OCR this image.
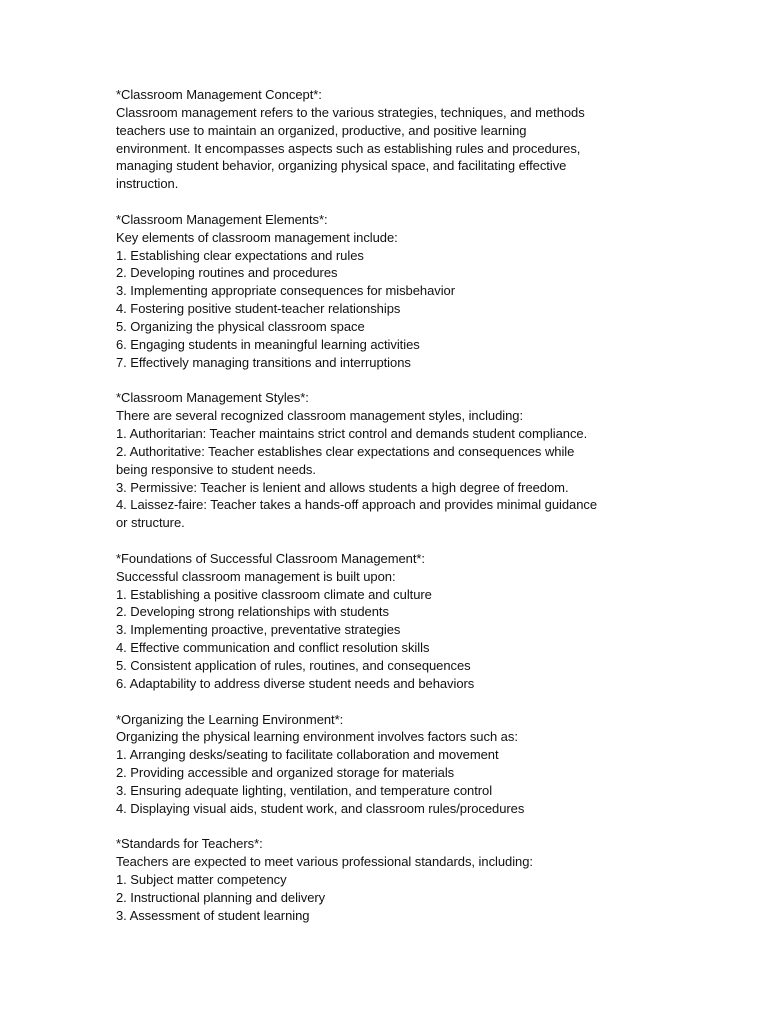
*Classroom Management Concept*:
Classroom management refers to the various strategies, techniques, and methods
teachers use to maintain an organized, productive, and positive learning
environment. It encompasses aspects such as establishing rules and procedures,
managing student behavior, organizing physical space, and facilitating effective
instruction.
*Classroom Management Elements*:
Key elements of classroom management include:
1. Establishing clear expectations and rules
2. Developing routines and procedures
3. Implementing appropriate consequences for misbehavior
4. Fostering positive student-teacher relationships
5. Organizing the physical classroom space
6. Engaging students in meaningful learning activities
7. Effectively managing transitions and interruptions
*Classroom Management Styles*:
There are several recognized classroom management styles, including:
1. Authoritarian: Teacher maintains strict control and demands student compliance.
2. Authoritative: Teacher establishes clear expectations and consequences while
being responsive to student needs.
3. Permissive: Teacher is lenient and allows students a high degree of freedom.
4. Laissez-faire: Teacher takes a hands-off approach and provides minimal guidance
or structure.
*Foundations of Successful Classroom Management*:
Successful classroom management is built upon:
1. Establishing a positive classroom climate and culture
2. Developing strong relationships with students
3. Implementing proactive, preventative strategies
4. Effective communication and conflict resolution skills
5. Consistent application of rules, routines, and consequences
6. Adaptability to address diverse student needs and behaviors
*Organizing the Learning Environment*:
Organizing the physical learning environment involves factors such as:
1. Arranging desks/seating to facilitate collaboration and movement
2. Providing accessible and organized storage for materials
3. Ensuring adequate lighting, ventilation, and temperature control
4. Displaying visual aids, student work, and classroom rules/procedures
*Standards for Teachers*:
Teachers are expected to meet various professional standards, including:
1. Subject matter competency
2. Instructional planning and delivery
3. Assessment of student learning
